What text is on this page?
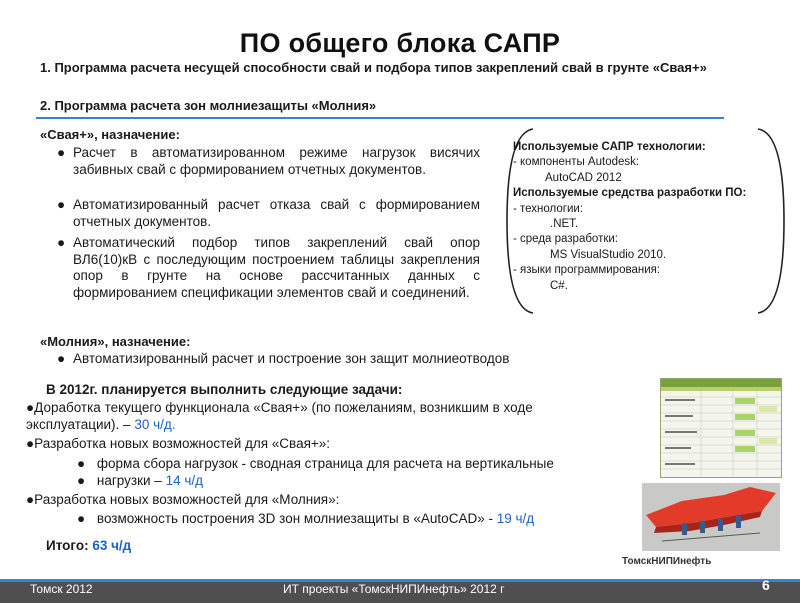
ПО общего блока САПР
1. Программа расчета несущей способности свай и подбора типов закреплений свай в грунте «Свая+»
2. Программа расчета зон молниезащиты «Молния»
«Свая+», назначение:
● Расчет в автоматизированном режиме нагрузок висячих забивных свай с формированием отчетных документов.
● Автоматизированный расчет отказа свай с формированием отчетных документов.
● Автоматический подбор типов закреплений свай опор ВЛ6(10)кВ с последующим построением таблицы закрепления опор в грунте на основе рассчитанных данных с формированием спецификации элементов свай и соединений.
Используемые САПР технологии:
- компоненты Autodesk:
AutoCAD 2012
Используемые средства разработки ПО:
- технологии:
.NET.
- среда разработки:
MS VisualStudio 2010.
- языки программирования:
C#.
«Молния», назначение:
● Автоматизированный расчет и построение зон защит молниеотводов
В 2012г. планируется выполнить следующие задачи:
●Доработка текущего функционала «Свая+» (по пожеланиям, возникшим в ходе эксплуатации). – 30 ч/д.
●Разработка новых возможностей для «Свая+»:
● форма сбора нагрузок - сводная страница для расчета на вертикальные
● нагрузки – 14 ч/д
●Разработка новых возможностей для «Молния»:
● возможность построения 3D зон молниезащиты в «AutoCAD» - 19 ч/д
Итого: 63 ч/д
ТомскНИПИнефть
Томск 2012	ИТ проекты «ТомскНИПИнефть» 2012 г	6
